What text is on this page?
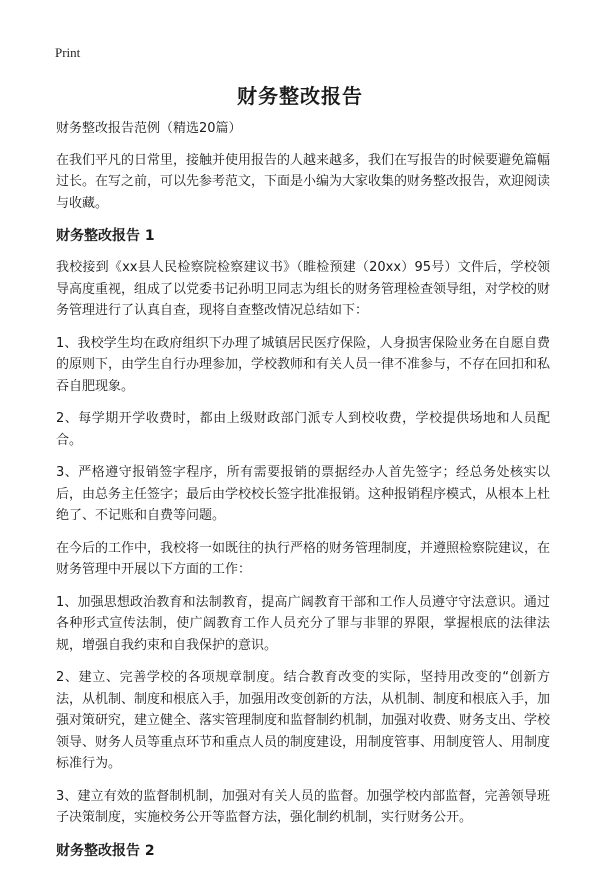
Print
财务整改报告

财务整改报告范例（精选20篇）

在我们平凡的日常里，接触并使用报告的人越来越多，我们在写报告的时候要避免篇幅过长。在写之前，可以先参考范文，下面是小编为大家收集的财务整改报告，欢迎阅读与收藏。

财务整改报告 1

我校接到《xx县人民检察院检察建议书》（睢检预建（20xx）95号）文件后，学校领导高度重视，组成了以党委书记孙明卫同志为组长的财务管理检查领导组，对学校的财务管理进行了认真自查，现将自查整改情况总结如下：

1、我校学生均在政府组织下办理了城镇居民医疗保险，人身损害保险业务在自愿自费的原则下，由学生自行办理参加，学校教师和有关人员一律不准参与，不存在回扣和私吞自肥现象。

2、每学期开学收费时，都由上级财政部门派专人到校收费，学校提供场地和人员配合。

3、严格遵守报销签字程序，所有需要报销的票据经办人首先签字；经总务处核实以后，由总务主任签字；最后由学校校长签字批准报销。这种报销程序模式，从根本上杜绝了、不记账和自费等问题。

在今后的工作中，我校将一如既往的执行严格的财务管理制度，并遵照检察院建议，在财务管理中开展以下方面的工作：

1、加强思想政治教育和法制教育，提高广阔教育干部和工作人员遵守守法意识。通过各种形式宣传法制，使广阔教育工作人员充分了罪与非罪的界限，掌握根底的法律法规，增强自我约束和自我保护的意识。

2、建立、完善学校的各项规章制度。结合教育改变的实际，坚持用改变的“创新方法，从机制、制度和根底入手，加强用改变创新的方法，从机制、制度和根底入手，加强对策研究，建立健全、落实管理制度和监督制约机制，加强对收费、财务支出、学校领导、财务人员等重点环节和重点人员的制度建设，用制度管事、用制度管人、用制度标准行为。

3、建立有效的监督制机制，加强对有关人员的监督。加强学校内部监督，完善领导班子决策制度，实施校务公开等监督方法，强化制约机制，实行财务公开。

财务整改报告 2
